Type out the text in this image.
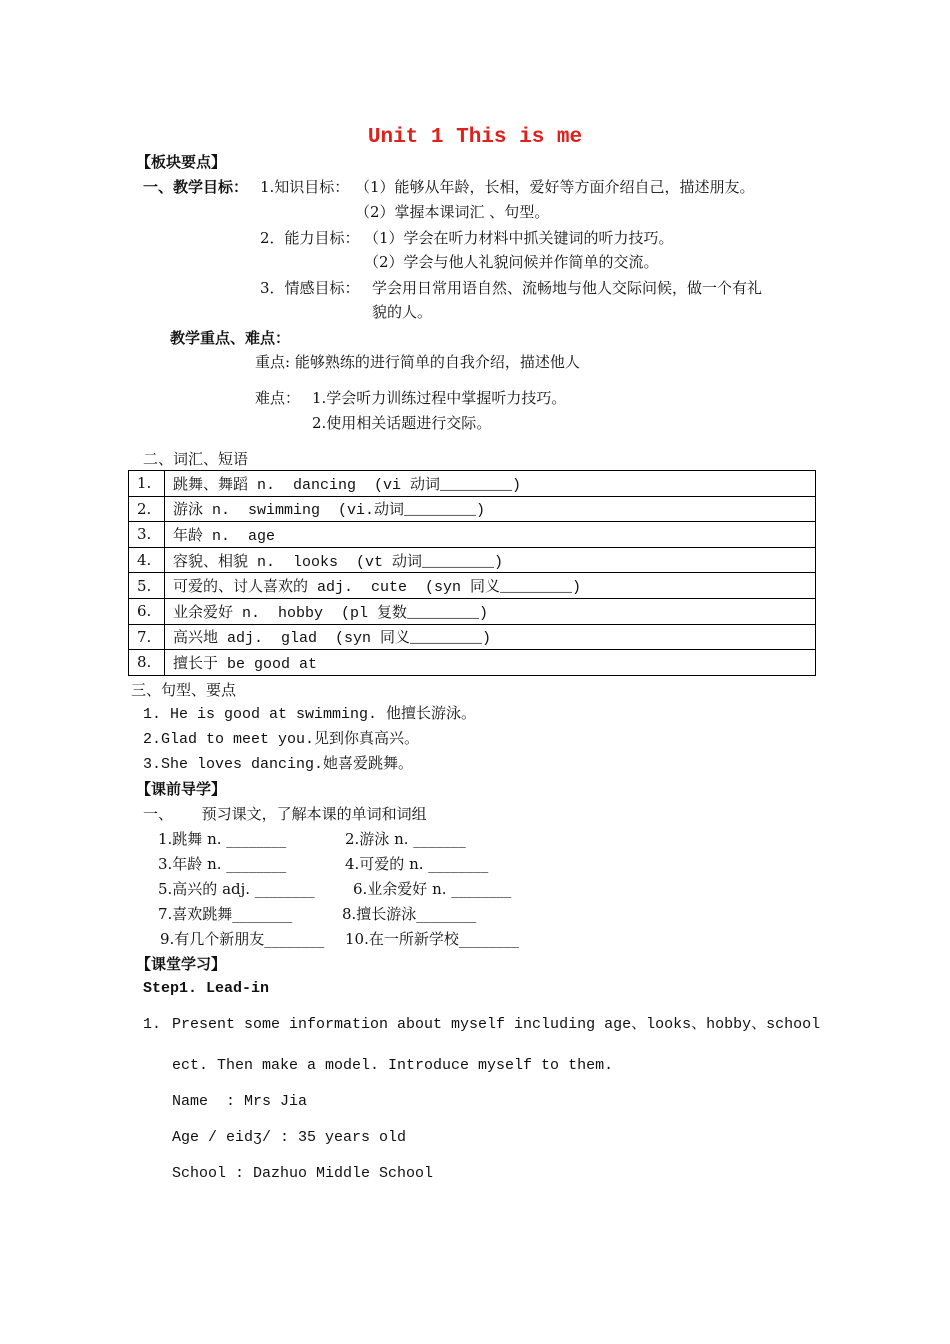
Unit 1 This is me
【板块要点】
一、教学目标： 1.知识目标： （1）能够从年龄，长相，爱好等方面介绍自己，描述朋友。
（2）掌握本课词汇 、句型。
2．能力目标： （1）学会在听力材料中抓关键词的听力技巧。
（2）学会与他人礼貌问候并作简单的交流。
3．情感目标： 学会用日常用语自然、流畅地与他人交际问候，做一个有礼
貌的人。
教学重点、难点：
重点: 能够熟练的进行简单的自我介绍，描述他人
难点： 1.学会听力训练过程中掌握听力技巧。
2.使用相关话题进行交际。
二、词汇、短语
1.	跳舞、舞蹈 n.  dancing  (vi 动词________)
2.	游泳 n.  swimming  (vi.动词________)
3.	年龄 n.  age
4.	容貌、相貌 n.  looks  (vt 动词________)
5.	可爱的、讨人喜欢的 adj.  cute  (syn 同义________)
6.	业余爱好 n.  hobby  (pl 复数________)
7.	高兴地 adj.  glad  (syn 同义________)
8.	擅长于 be good at
三、句型、要点
1. He is good at swimming. 他擅长游泳。
2.Glad to meet you.见到你真高兴。
3.She loves dancing.她喜爱跳舞。
【课前导学】
一、      预习课文，了解本课的单词和词组
1.跳舞 n. ________	2.游泳 n. _______
3.年龄 n. ________	4.可爱的 n. ________
5.高兴的 adj. ________	6.业余爱好 n. ________
7.喜欢跳舞________	8.擅长游泳________
9.有几个新朋友________ 10.在一所新学校________
【课堂学习】
Step1. Lead-in
1. Present some information about myself including age、looks、hobby、school
ect. Then make a model. Introduce myself to them.
Name  : Mrs Jia
Age / eidʒ/ : 35 years old
School : Dazhuo Middle School
